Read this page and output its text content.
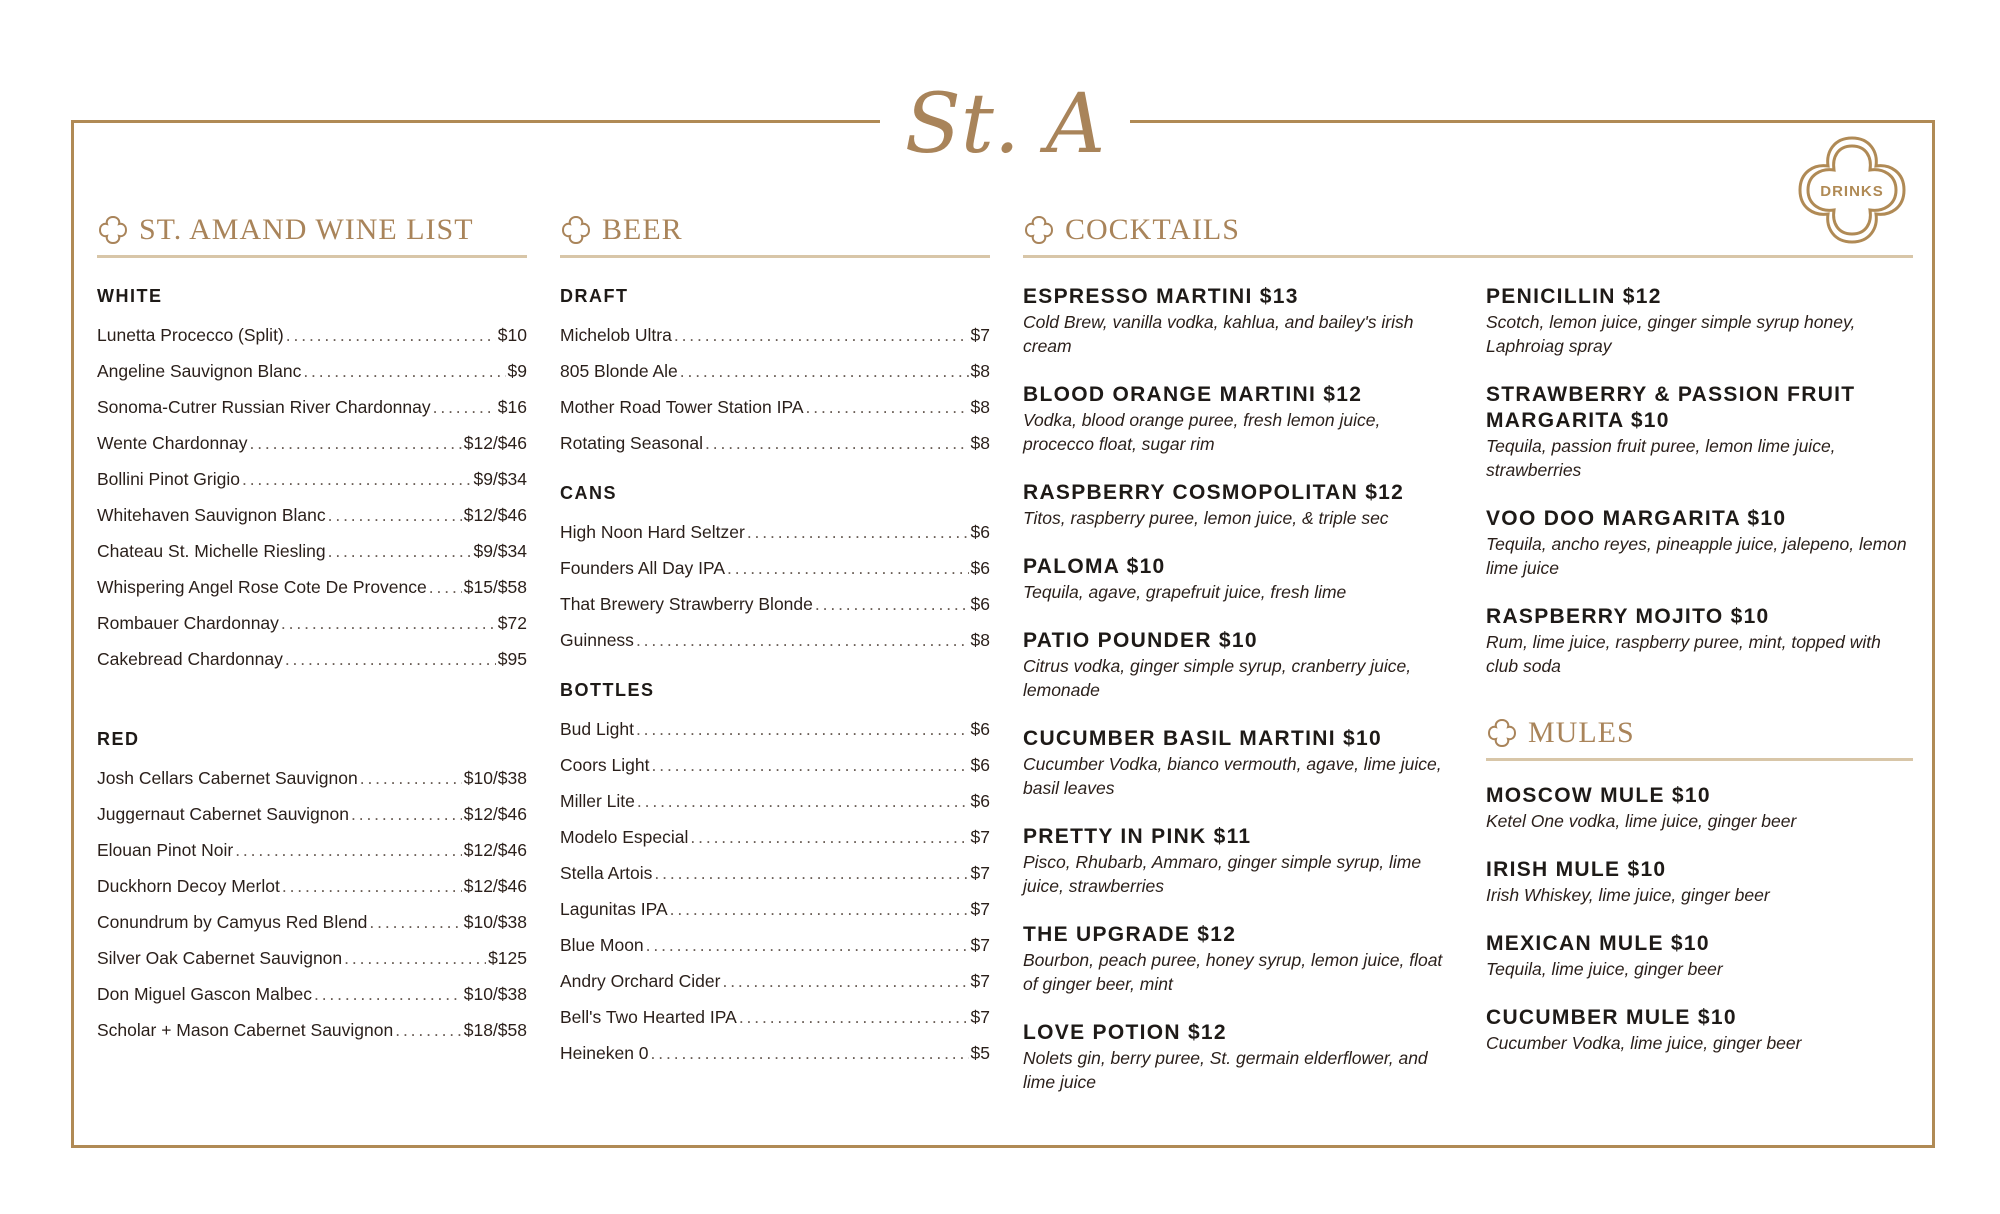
St. A
DRINKS
ST. AMAND WINE LIST
WHITE
Lunetta Procecco (Split) . . .	$10
Angeline Sauvignon Blanc . . .	$9
Sonoma-Cutrer Russian River Chardonnay . . .	$16
Wente Chardonnay . . .	$12/$46
Bollini Pinot Grigio . . .	$9/$34
Whitehaven Sauvignon Blanc . . .	$12/$46
Chateau St. Michelle Riesling . . .	$9/$34
Whispering Angel Rose Cote De Provence . . . $15/$58
Rombauer Chardonnay . . .	$72
Cakebread Chardonnay . . .	$95
RED
Josh Cellars Cabernet Sauvignon . . .	$10/$38
Juggernaut Cabernet Sauvignon . . .	$12/$46
Elouan Pinot Noir . . .	$12/$46
Duckhorn Decoy Merlot . . .	$12/$46
Conundrum by Camyus Red Blend . . .	$10/$38
Silver Oak Cabernet Sauvignon . . .	$125
Don Miguel Gascon Malbec . . .	$10/$38
Scholar + Mason Cabernet Sauvignon . . .	$18/$58
BEER
DRAFT
Michelob Ultra . . .	$7
805 Blonde Ale . . .	$8
Mother Road Tower Station IPA . . .	$8
Rotating Seasonal . . .	$8
CANS
High Noon Hard Seltzer . . .	$6
Founders All Day IPA . . .	$6
That Brewery Strawberry Blonde . . .	$6
Guinness . . .	$8
BOTTLES
Bud Light . . .	$6
Coors Light . . .	$6
Miller Lite . . .	$6
Modelo Especial . . .	$7
Stella Artois . . .	$7
Lagunitas IPA . . .	$7
Blue Moon . . .	$7
Andry Orchard Cider . . .	$7
Bell's Two Hearted IPA . . .	$7
Heineken 0 . . .	$5
COCKTAILS
ESPRESSO MARTINI $13
Cold Brew, vanilla vodka, kahlua, and bailey's irish cream
BLOOD ORANGE MARTINI $12
Vodka, blood orange puree, fresh lemon juice, procecco float, sugar rim
RASPBERRY COSMOPOLITAN $12
Titos, raspberry puree, lemon juice, & triple sec
PALOMA $10
Tequila, agave, grapefruit juice, fresh lime
PATIO POUNDER $10
Citrus vodka, ginger simple syrup, cranberry juice, lemonade
CUCUMBER BASIL MARTINI $10
Cucumber Vodka, bianco vermouth, agave, lime juice, basil leaves
PRETTY IN PINK $11
Pisco, Rhubarb, Ammaro, ginger simple syrup, lime juice, strawberries
THE UPGRADE $12
Bourbon, peach puree, honey syrup, lemon juice, float of ginger beer, mint
LOVE POTION $12
Nolets gin, berry puree, St. germain elderflower, and lime juice
PENICILLIN $12
Scotch, lemon juice, ginger simple syrup honey, Laphroiag spray
STRAWBERRY & PASSION FRUIT MARGARITA $10
Tequila, passion fruit puree, lemon lime juice, strawberries
VOO DOO MARGARITA $10
Tequila, ancho reyes, pineapple juice, jalepeno, lemon lime juice
RASPBERRY MOJITO $10
Rum, lime juice, raspberry puree, mint, topped with club soda
MULES
MOSCOW MULE $10
Ketel One vodka, lime juice, ginger beer
IRISH MULE $10
Irish Whiskey, lime juice, ginger beer
MEXICAN MULE $10
Tequila, lime juice, ginger beer
CUCUMBER MULE $10
Cucumber Vodka, lime juice, ginger beer
